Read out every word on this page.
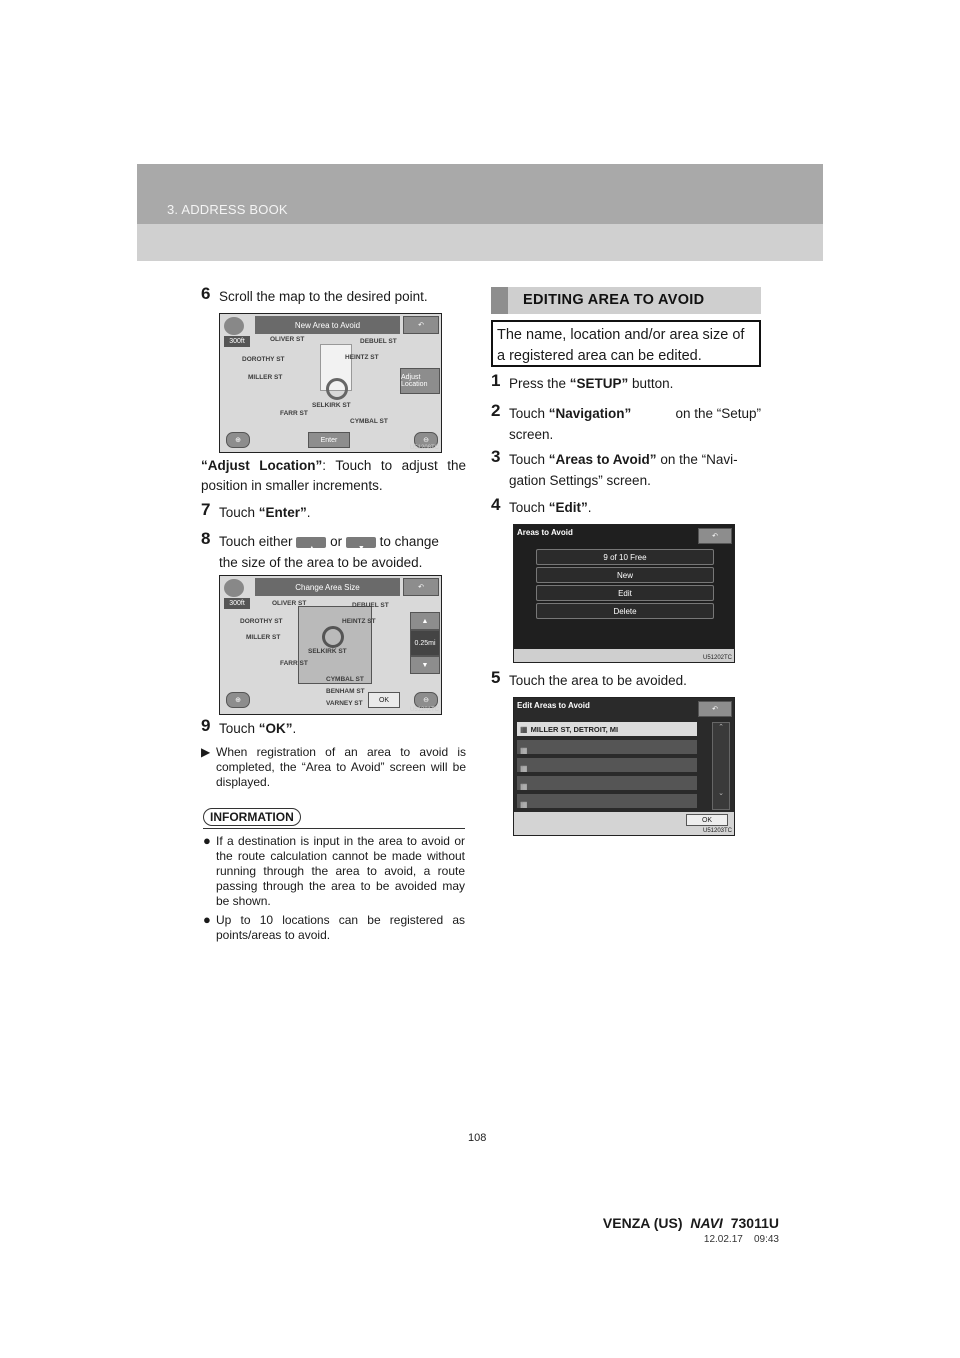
3. ADDRESS BOOK
6 Scroll the map to the desired point.
New Area to Avoid	↶
300ft
Adjust Location
Enter
⊕	⊖
OLIVER ST	DEBUEL ST
DOROTHY ST	HEINTZ ST
MILLER ST
SELKIRK ST
FARR ST
CYMBAL ST
U51208TC
“Adjust Location”: Touch to adjust the position in smaller increments.
7 Touch “Enter”.
8 Touch either ▲ or ▼ to change
the size of the area to be avoided.
Change Area Size	↶
300ft
▲
0.25mi
▼
OK
⊕	⊖
OLIVER ST	DEBUEL ST
DOROTHY ST	HEINTZ ST
MILLER ST
SELKIRK ST
FARR ST
CYMBAL ST
BENHAM ST
VARNEY ST
U51201TC
9 Touch “OK”.
▶ When registration of an area to avoid is completed, the “Area to Avoid” screen will be displayed.
INFORMATION
● If a destination is input in the area to avoid or the route calculation cannot be made without running through the area to avoid, a route passing through the area to be avoided may be shown.
● Up to 10 locations can be registered as points/areas to avoid.
EDITING AREA TO AVOID
The name, location and/or area size of a registered area can be edited.
1 Press the “SETUP” button.
2 Touch “Navigation”	on the “Setup”
screen.
3 Touch “Areas to Avoid” on the “Navi-
gation Settings” screen.
4 Touch “Edit”.
Areas to Avoid	↶
9 of 10 Free
New
Edit
Delete
U51202TC
5 Touch the area to be avoided.
Edit Areas to Avoid	↶
▦ MILLER ST, DETROIT, MI
▦
▦
▦
▦
⌃
⌄
OK
U51203TC
108
VENZA (US) NAVI 73011U
12.02.17 09:43
